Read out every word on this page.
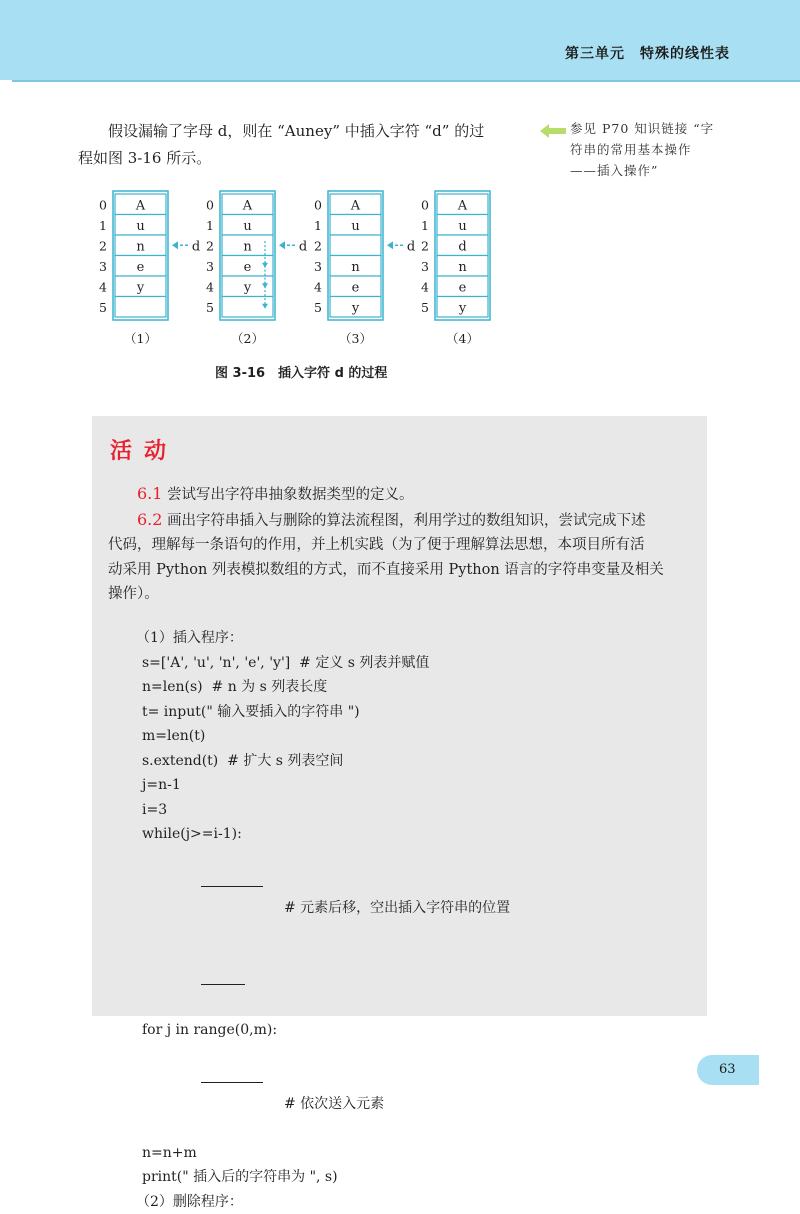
第三单元　特殊的线性表

假设漏输了字母 d，则在 “Auney” 中插入字符 “d” 的过

程如图 3-16 所示。

参见 P70 知识链接 “字符串的常用基本操作——插入操作”
A
0
u
1
n
2
e
3
y
4
5
（1）
d
A
0
u
1
n
2
e
3
y
4
5
（2）
d
A
0
u
1
2
n
3
e
4
y
5
（3）
d
A
0
u
1
d
2
n
3
e
4
y
5
（4）
图 3-16　插入字符 d 的过程
活动

6.1 尝试写出字符串抽象数据类型的定义。

6.2 画出字符串插入与删除的算法流程图，利用学过的数组知识，尝试完成下述

代码，理解每一条语句的作用，并上机实践（为了便于理解算法思想，本项目所有活

动采用 Python 列表模拟数组的方式，而不直接采用 Python 语言的字符串变量及相关

操作）。

（1）插入程序：
s=['A', 'u', 'n', 'e', 'y']  # 定义 s 列表并赋值
n=len(s)  # n 为 s 列表长度
t= input(" 输入要插入的字符串 ")
m=len(t)
s.extend(t)  # 扩大 s 列表空间
j=n-1
i=3
while(j>=i-1):

# 元素后移，空出插入字符串的位置

for j in range(0,m):

# 依次送入元素

n=n+m
print(" 插入后的字符串为 ", s)
（2）删除程序：
63
